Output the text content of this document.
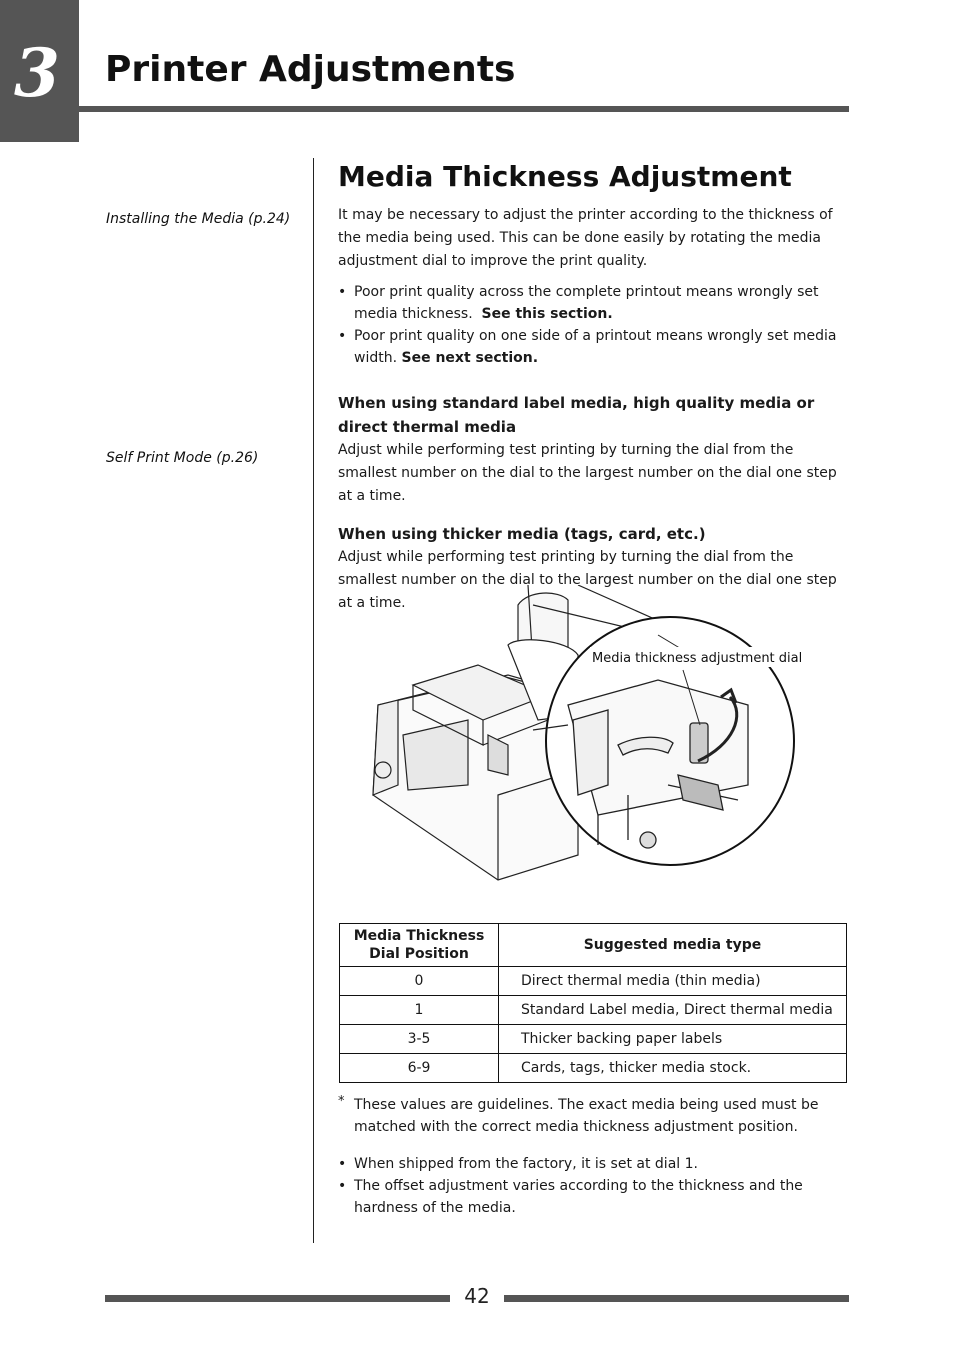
3 Printer Adjustments
Installing the Media (p.24)
Self Print Mode (p.26)
Media Thickness Adjustment

It may be necessary to adjust the printer according to the thickness of the media being used. This can be done easily by rotating the media adjustment dial to improve the print quality.

• Poor print quality across the complete printout means wrongly set media thickness. See this section.
• Poor print quality on one side of a printout means wrongly set media width. See next section.
When using standard label media, high quality media or direct thermal media

Adjust while performing test printing by turning the dial from the smallest number on the dial to the largest number on the dial one step at a time.

When using thicker media (tags, card, etc.)

Adjust while performing test printing by turning the dial from the smallest number on the dial to the largest number on the dial one step at a time.

Media thickness adjustment dial
Media Thickness Dial Position	Suggested media type
0	Direct thermal media (thin media)
1	Standard Label media, Direct thermal media
3-5	Thicker backing paper labels
6-9	Cards, tags, thicker media stock.
* These values are guidelines. The exact media being used must be matched with the correct media thickness adjustment position.

• When shipped from the factory, it is set at dial 1.
• The offset adjustment varies according to the thickness and the hardness of the media.
42
